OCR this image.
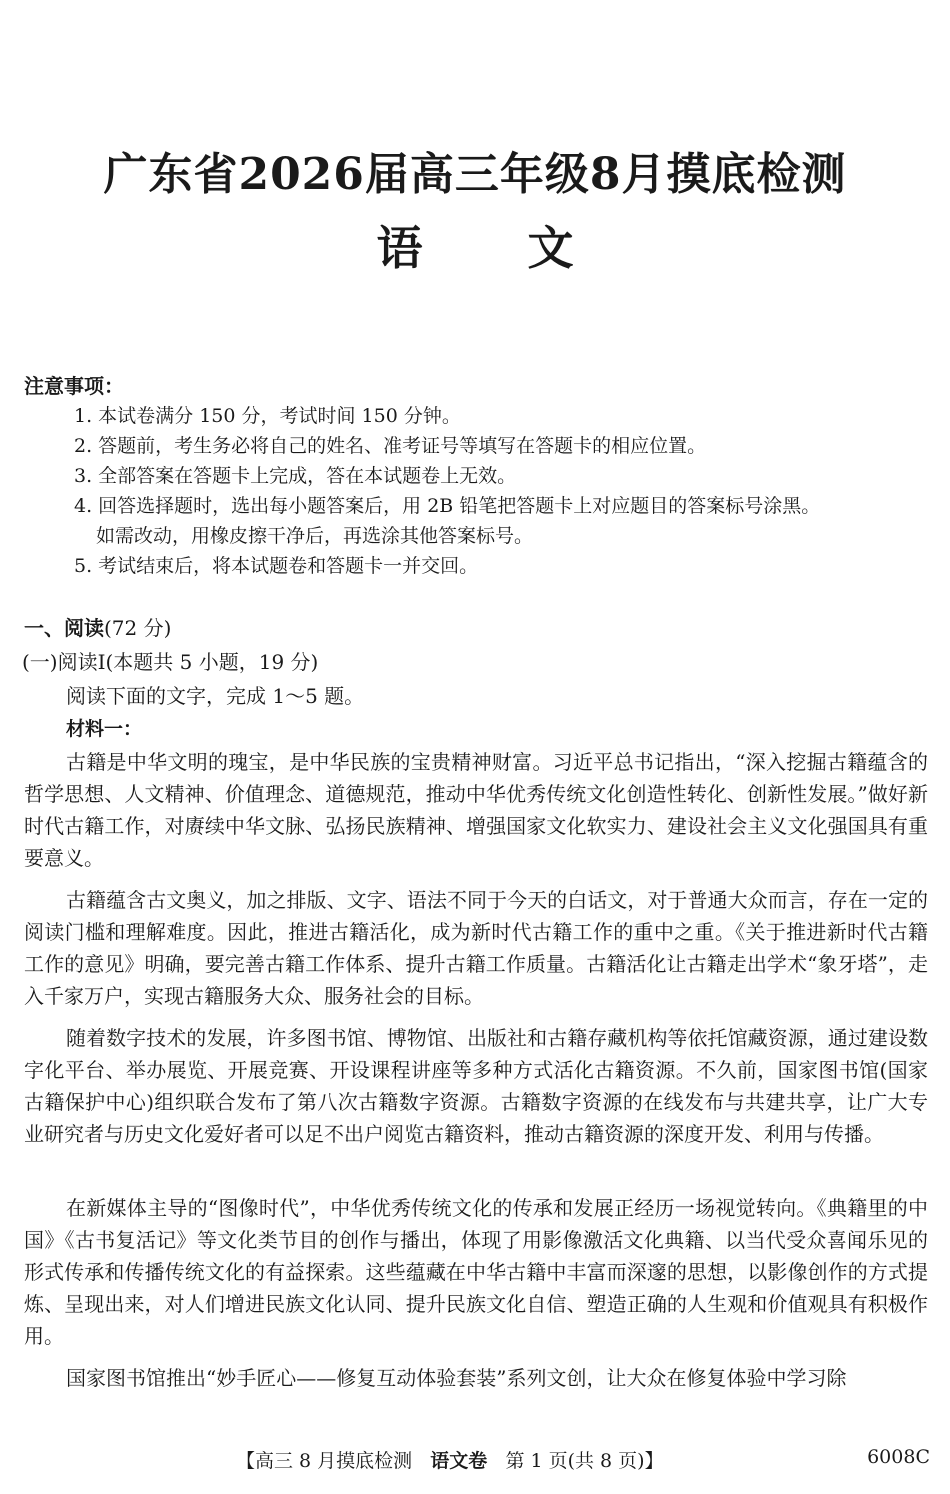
广东省2026届高三年级8月摸底检测
语 文
注意事项：
1. 本试卷满分 150 分，考试时间 150 分钟。
2. 答题前，考生务必将自己的姓名、准考证号等填写在答题卡的相应位置。
3. 全部答案在答题卡上完成，答在本试题卷上无效。
4. 回答选择题时，选出每小题答案后，用 2B 铅笔把答题卡上对应题目的答案标号涂黑。
如需改动，用橡皮擦干净后，再选涂其他答案标号。
5. 考试结束后，将本试题卷和答题卡一并交回。
一、阅读(72 分)
(一)阅读Ⅰ(本题共 5 小题，19 分)
阅读下面的文字，完成 1～5 题。
材料一：
古籍是中华文明的瑰宝，是中华民族的宝贵精神财富。习近平总书记指出，“深入挖掘古籍蕴含的哲学思想、人文精神、价值理念、道德规范，推动中华优秀传统文化创造性转化、创新性发展。”做好新时代古籍工作，对赓续中华文脉、弘扬民族精神、增强国家文化软实力、建设社会主义文化强国具有重要意义。
古籍蕴含古文奥义，加之排版、文字、语法不同于今天的白话文，对于普通大众而言，存在一定的阅读门槛和理解难度。因此，推进古籍活化，成为新时代古籍工作的重中之重。《关于推进新时代古籍工作的意见》明确，要完善古籍工作体系、提升古籍工作质量。古籍活化让古籍走出学术“象牙塔”，走入千家万户，实现古籍服务大众、服务社会的目标。
随着数字技术的发展，许多图书馆、博物馆、出版社和古籍存藏机构等依托馆藏资源，通过建设数字化平台、举办展览、开展竞赛、开设课程讲座等多种方式活化古籍资源。不久前，国家图书馆(国家古籍保护中心)组织联合发布了第八次古籍数字资源。古籍数字资源的在线发布与共建共享，让广大专业研究者与历史文化爱好者可以足不出户阅览古籍资料，推动古籍资源的深度开发、利用与传播。
在新媒体主导的“图像时代”，中华优秀传统文化的传承和发展正经历一场视觉转向。《典籍里的中国》《古书复活记》等文化类节目的创作与播出，体现了用影像激活文化典籍、以当代受众喜闻乐见的形式传承和传播传统文化的有益探索。这些蕴藏在中华古籍中丰富而深邃的思想，以影像创作的方式提炼、呈现出来，对人们增进民族文化认同、提升民族文化自信、塑造正确的人生观和价值观具有积极作用。
国家图书馆推出“妙手匠心——修复互动体验套装”系列文创，让大众在修复体验中学习除
【高三 8 月摸底检测 语文卷 第 1 页(共 8 页)】	6008C
